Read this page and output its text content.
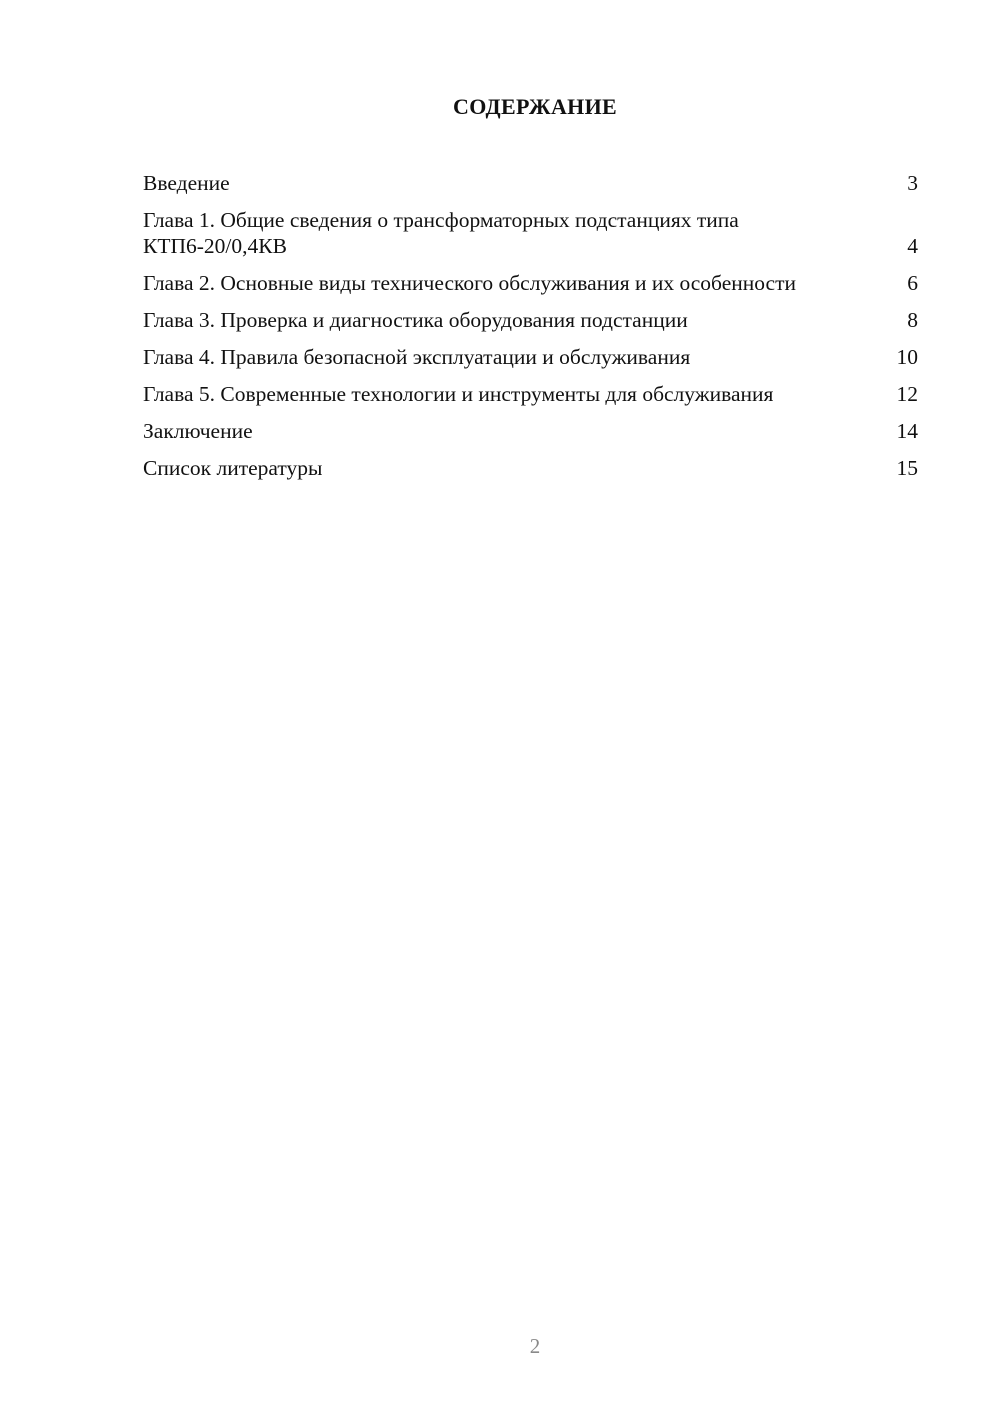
СОДЕРЖАНИЕ
Введение	3
Глава 1. Общие сведения о трансформаторных подстанциях типа КТП6-20/0,4КВ	4
Глава 2. Основные виды технического обслуживания и их особенности	6
Глава 3. Проверка и диагностика оборудования подстанции	8
Глава 4. Правила безопасной эксплуатации и обслуживания	10
Глава 5. Современные технологии и инструменты для обслуживания	12
Заключение	14
Список литературы	15
2
